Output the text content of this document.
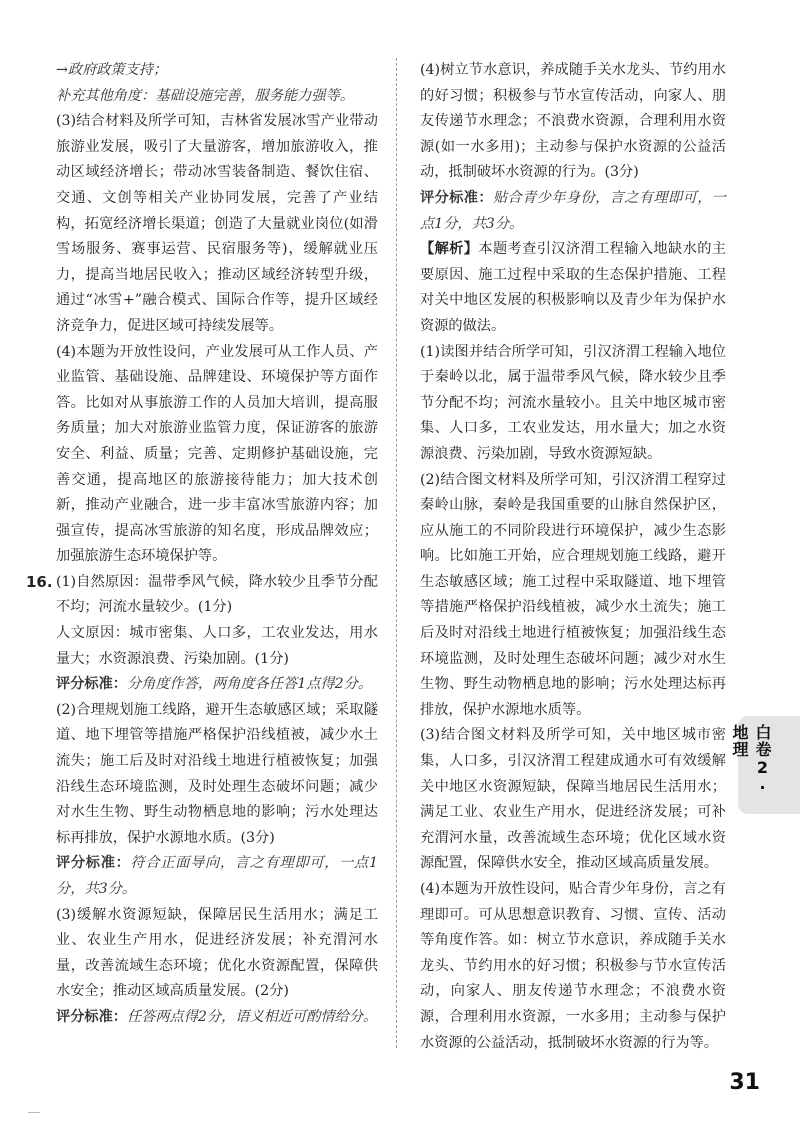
→政府政策支持；

补充其他角度：基础设施完善，服务能力强等。

(3)结合材料及所学可知，吉林省发展冰雪产业带动旅游业发展，吸引了大量游客，增加旅游收入，推动区域经济增长；带动冰雪装备制造、餐饮住宿、交通、文创等相关产业协同发展，完善了产业结构，拓宽经济增长渠道；创造了大量就业岗位(如滑雪场服务、赛事运营、民宿服务等)，缓解就业压力，提高当地居民收入；推动区域经济转型升级，通过“冰雪+”融合模式、国际合作等，提升区域经济竞争力，促进区域可持续发展等。

(4)本题为开放性设问，产业发展可从工作人员、产业监管、基础设施、品牌建设、环境保护等方面作答。比如对从事旅游工作的人员加大培训，提高服务质量；加大对旅游业监管力度，保证游客的旅游安全、利益、质量；完善、定期修护基础设施，完善交通，提高地区的旅游接待能力；加大技术创新，推动产业融合，进一步丰富冰雪旅游内容；加强宣传，提高冰雪旅游的知名度，形成品牌效应；加强旅游生态环境保护等。

16. (1)自然原因：温带季风气候，降水较少且季节分配不均；河流水量较少。(1分)

人文原因：城市密集、人口多，工农业发达，用水量大；水资源浪费、污染加剧。(1分)

评分标准：分角度作答，两角度各任答1点得2分。

(2)合理规划施工线路，避开生态敏感区域；采取隧道、地下埋管等措施严格保护沿线植被，减少水土流失；施工后及时对沿线土地进行植被恢复；加强沿线生态环境监测，及时处理生态破坏问题；减少对水生生物、野生动物栖息地的影响；污水处理达标再排放，保护水源地水质。(3分)

评分标准：符合正面导向，言之有理即可，一点1分，共3分。

(3)缓解水资源短缺，保障居民生活用水；满足工业、农业生产用水，促进经济发展；补充渭河水量，改善流域生态环境；优化水资源配置，保障供水安全；推动区域高质量发展。(2分)

评分标准：任答两点得2分，语义相近可酌情给分。

(4)树立节水意识，养成随手关水龙头、节约用水的好习惯；积极参与节水宣传活动，向家人、朋友传递节水理念；不浪费水资源，合理利用水资源(如一水多用)；主动参与保护水资源的公益活动，抵制破坏水资源的行为。(3分)

评分标准：贴合青少年身份，言之有理即可，一点1分，共3分。

【解析】本题考查引汉济渭工程输入地缺水的主要原因、施工过程中采取的生态保护措施、工程对关中地区发展的积极影响以及青少年为保护水资源的做法。

(1)读图并结合所学可知，引汉济渭工程输入地位于秦岭以北，属于温带季风气候，降水较少且季节分配不均；河流水量较小。且关中地区城市密集、人口多，工农业发达，用水量大；加之水资源浪费、污染加剧，导致水资源短缺。

(2)结合图文材料及所学可知，引汉济渭工程穿过秦岭山脉，秦岭是我国重要的山脉自然保护区，应从施工的不同阶段进行环境保护，减少生态影响。比如施工开始，应合理规划施工线路，避开生态敏感区域；施工过程中采取隧道、地下埋管等措施严格保护沿线植被，减少水土流失；施工后及时对沿线土地进行植被恢复；加强沿线生态环境监测，及时处理生态破坏问题；减少对水生生物、野生动物栖息地的影响；污水处理达标再排放，保护水源地水质等。

(3)结合图文材料及所学可知，关中地区城市密集，人口多，引汉济渭工程建成通水可有效缓解关中地区水资源短缺，保障当地居民生活用水；满足工业、农业生产用水，促进经济发展；可补充渭河水量，改善流域生态环境；优化区域水资源配置，保障供水安全，推动区域高质量发展。

(4)本题为开放性设问，贴合青少年身份，言之有理即可。可从思想意识教育、习惯、宣传、活动等角度作答。如：树立节水意识，养成随手关水龙头、节约用水的好习惯；积极参与节水宣传活动，向家人、朋友传递节水理念；不浪费水资源，合理利用水资源，一水多用；主动参与保护水资源的公益活动，抵制破坏水资源的行为等。

白卷2·地理
31
